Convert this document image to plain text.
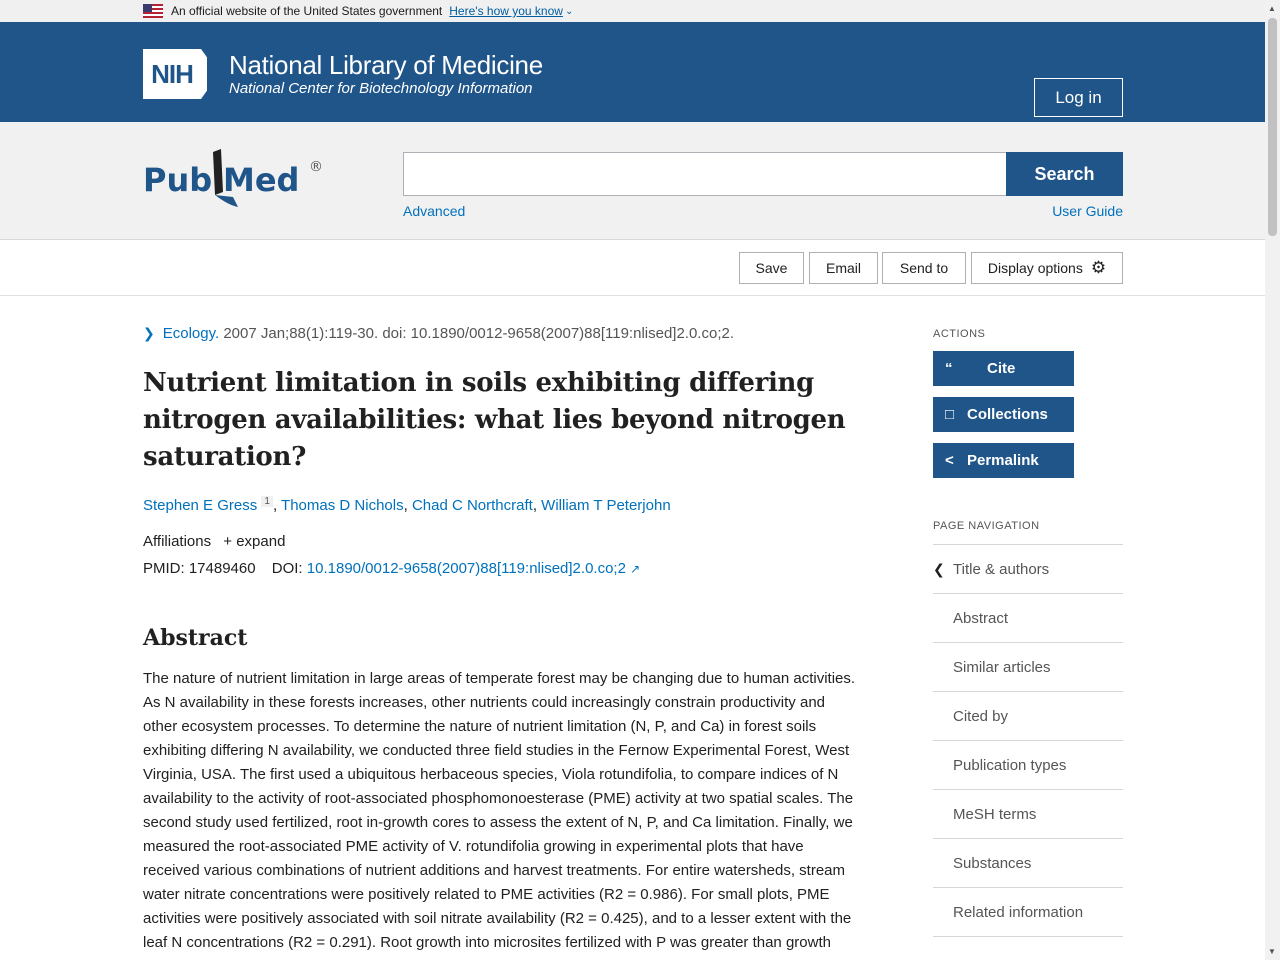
An official website of the United States government Here's how you know ⌄
NIH	National Library of Medicine
National Center for Biotechnology Information	Log in
Pub Med ®	Search
Advanced	User Guide
Save	Email	Send to	Display options ⚙
❯ Ecology. 2007 Jan;88(1):119-30. doi: 10.1890/0012-9658(2007)88[119:nlised]2.0.co;2.
Nutrient limitation in soils exhibiting differing nitrogen availabilities: what lies beyond nitrogen saturation?
Stephen E Gress $^1$ , Thomas D Nichols, Chad C Northcraft, William T Peterjohn
Affiliations + expand
PMID: 17489460 DOI: 10.1890/0012-9658(2007)88[119:nlised]2.0.co;2 ↗
Abstract

The nature of nutrient limitation in large areas of temperate forest may be changing due to human activities. As N availability in these forests increases, other nutrients could increasingly constrain productivity and other ecosystem processes. To determine the nature of nutrient limitation (N, P, and Ca) in forest soils exhibiting differing N availability, we conducted three field studies in the Fernow Experimental Forest, West Virginia, USA. The first used a ubiquitous herbaceous species, Viola rotundifolia, to compare indices of N availability to the activity of root-associated phosphomonoesterase (PME) activity at two spatial scales. The second study used fertilized, root in-growth cores to assess the extent of N, P, and Ca limitation. Finally, we measured the root-associated PME activity of V. rotundifolia growing in experimental plots that have received various combinations of nutrient additions and harvest treatments. For entire watersheds, stream water nitrate concentrations were positively related to PME activities (R2 = 0.986). For small plots, PME activities were positively associated with soil nitrate availability (R2 = 0.425), and to a lesser extent with the leaf N concentrations (R2 = 0.291). Root growth into microsites fertilized with P was greater than growth

ACTIONS
“	Cite
□ Collections
< Permalink
PAGE NAVIGATION
❮ Title & authors
Abstract
Similar articles
Cited by
Publication types
MeSH terms
Substances
Related information
▲
▼
